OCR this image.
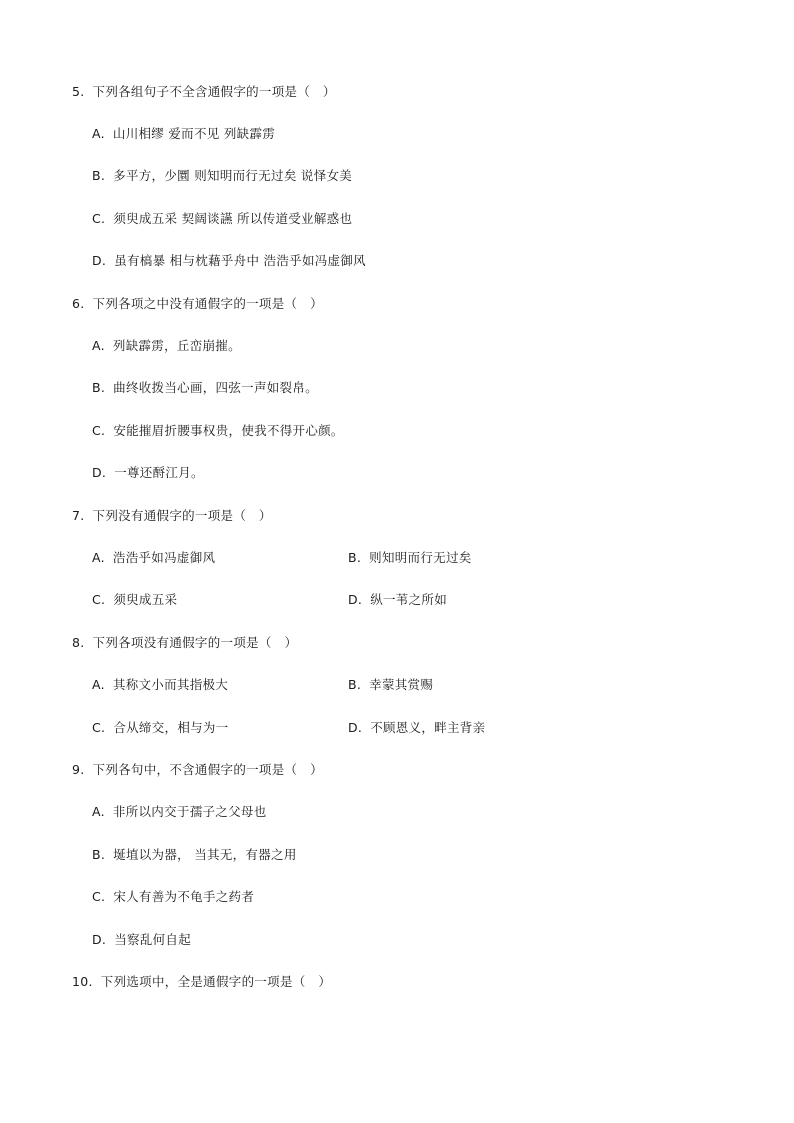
5. 下列各组句子不全含通假字的一项是（　）
A. 山川相缪 爱而不见 列缺霹雳
B. 多平方，少圜 则知明而行无过矣 说怿女美
C. 须臾成五采 契阔谈讌 所以传道受业解惑也
D. 虽有槁暴 相与枕藉乎舟中 浩浩乎如冯虚御风
6. 下列各项之中没有通假字的一项是（　）
A. 列缺霹雳，丘峦崩摧。
B. 曲终收拨当心画，四弦一声如裂帛。
C. 安能摧眉折腰事权贵，使我不得开心颜。
D. 一尊还酹江月。
7. 下列没有通假字的一项是（　）
A. 浩浩乎如冯虚御风	B. 则知明而行无过矣
C. 须臾成五采	D. 纵一苇之所如
8. 下列各项没有通假字的一项是（　）
A. 其称文小而其指极大	B. 幸蒙其赏赐
C. 合从缔交，相与为一	D. 不顾恩义，畔主背亲
9. 下列各句中，不含通假字的一项是（　）
A. 非所以内交于孺子之父母也
B. 埏埴以为器， 当其无，有器之用
C. 宋人有善为不龟手之药者
D. 当察乱何自起
10. 下列选项中，全是通假字的一项是（　）
